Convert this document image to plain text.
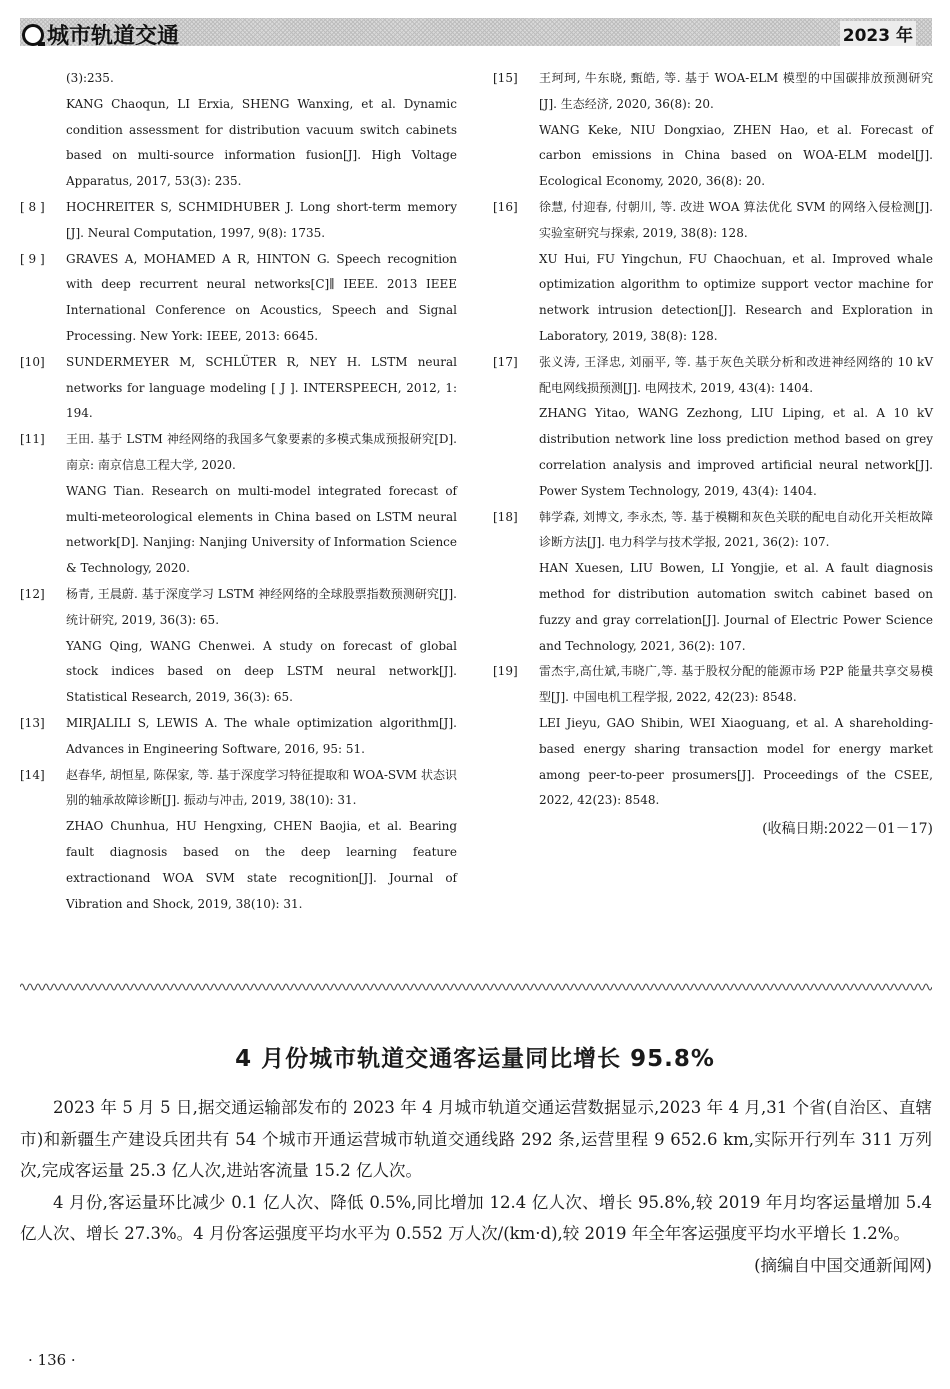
城市轨道交通	2023 年

(3):235.

KANG Chaoqun, LI Erxia, SHENG Wanxing, et al. Dynamic condition assessment for distribution vacuum switch cabinets based on multi-source information fusion[J]. High Voltage Apparatus, 2017, 53(3): 235.

[ 8 ] HOCHREITER S, SCHMIDHUBER J. Long short-term memory [J]. Neural Computation, 1997, 9(8): 1735.

[ 9 ] GRAVES A, MOHAMED A R, HINTON G. Speech recognition with deep recurrent neural networks[C]∥ IEEE. 2013 IEEE International Conference on Acoustics, Speech and Signal Processing. New York: IEEE, 2013: 6645.

[10] SUNDERMEYER M, SCHLÜTER R, NEY H. LSTM neural networks for language modeling [ J ]. INTERSPEECH, 2012, 1: 194.

[11] 王田. 基于 LSTM 神经网络的我国多气象要素的多模式集成预报研究[D]. 南京: 南京信息工程大学, 2020.

WANG Tian. Research on multi-model integrated forecast of multi-meteorological elements in China based on LSTM neural network[D]. Nanjing: Nanjing University of Information Science & Technology, 2020.

[12] 杨青, 王晨蔚. 基于深度学习 LSTM 神经网络的全球股票指数预测研究[J]. 统计研究, 2019, 36(3): 65.

YANG Qing, WANG Chenwei. A study on forecast of global stock indices based on deep LSTM neural network[J]. Statistical Research, 2019, 36(3): 65.

[13] MIRJALILI S, LEWIS A. The whale optimization algorithm[J]. Advances in Engineering Software, 2016, 95: 51.

[14] 赵春华, 胡恒星, 陈保家, 等. 基于深度学习特征提取和 WOA-SVM 状态识别的轴承故障诊断[J]. 振动与冲击, 2019, 38(10): 31.

ZHAO Chunhua, HU Hengxing, CHEN Baojia, et al. Bearing fault diagnosis based on the deep learning feature extractionand WOA SVM state recognition[J]. Journal of Vibration and Shock, 2019, 38(10): 31.

[15] 王珂珂, 牛东晓, 甄皓, 等. 基于 WOA-ELM 模型的中国碳排放预测研究[J]. 生态经济, 2020, 36(8): 20.

WANG Keke, NIU Dongxiao, ZHEN Hao, et al. Forecast of carbon emissions in China based on WOA-ELM model[J]. Ecological Economy, 2020, 36(8): 20.

[16] 徐慧, 付迎春, 付朝川, 等. 改进 WOA 算法优化 SVM 的网络入侵检测[J]. 实验室研究与探索, 2019, 38(8): 128.

XU Hui, FU Yingchun, FU Chaochuan, et al. Improved whale optimization algorithm to optimize support vector machine for network intrusion detection[J]. Research and Exploration in Laboratory, 2019, 38(8): 128.

[17] 张义涛, 王泽忠, 刘丽平, 等. 基于灰色关联分析和改进神经网络的 10 kV 配电网线损预测[J]. 电网技术, 2019, 43(4): 1404.

ZHANG Yitao, WANG Zezhong, LIU Liping, et al. A 10 kV distribution network line loss prediction method based on grey correlation analysis and improved artificial neural network[J]. Power System Technology, 2019, 43(4): 1404.

[18] 韩学森, 刘博文, 李永杰, 等. 基于模糊和灰色关联的配电自动化开关柜故障诊断方法[J]. 电力科学与技术学报, 2021, 36(2): 107.

HAN Xuesen, LIU Bowen, LI Yongjie, et al. A fault diagnosis method for distribution automation switch cabinet based on fuzzy and gray correlation[J]. Journal of Electric Power Science and Technology, 2021, 36(2): 107.

[19] 雷杰宇,高仕斌,韦晓广,等. 基于股权分配的能源市场 P2P 能量共享交易模型[J]. 中国电机工程学报, 2022, 42(23): 8548.

LEI Jieyu, GAO Shibin, WEI Xiaoguang, et al. A shareholding-based energy sharing transaction model for energy market among peer-to-peer prosumers[J]. Proceedings of the CSEE, 2022, 42(23): 8548.

(收稿日期:2022－01－17)
4 月份城市轨道交通客运量同比增长 95.8%

2023 年 5 月 5 日,据交通运输部发布的 2023 年 4 月城市轨道交通运营数据显示,2023 年 4 月,31 个省(自治区、直辖市)和新疆生产建设兵团共有 54 个城市开通运营城市轨道交通线路 292 条,运营里程 9 652.6 km,实际开行列车 311 万列次,完成客运量 25.3 亿人次,进站客流量 15.2 亿人次。

4 月份,客运量环比减少 0.1 亿人次、降低 0.5%,同比增加 12.4 亿人次、增长 95.8%,较 2019 年月均客运量增加 5.4 亿人次、增长 27.3%。4 月份客运强度平均水平为 0.552 万人次/(km·d),较 2019 年全年客运强度平均水平增长 1.2%。
(摘编自中国交通新闻网)

· 136 ·
